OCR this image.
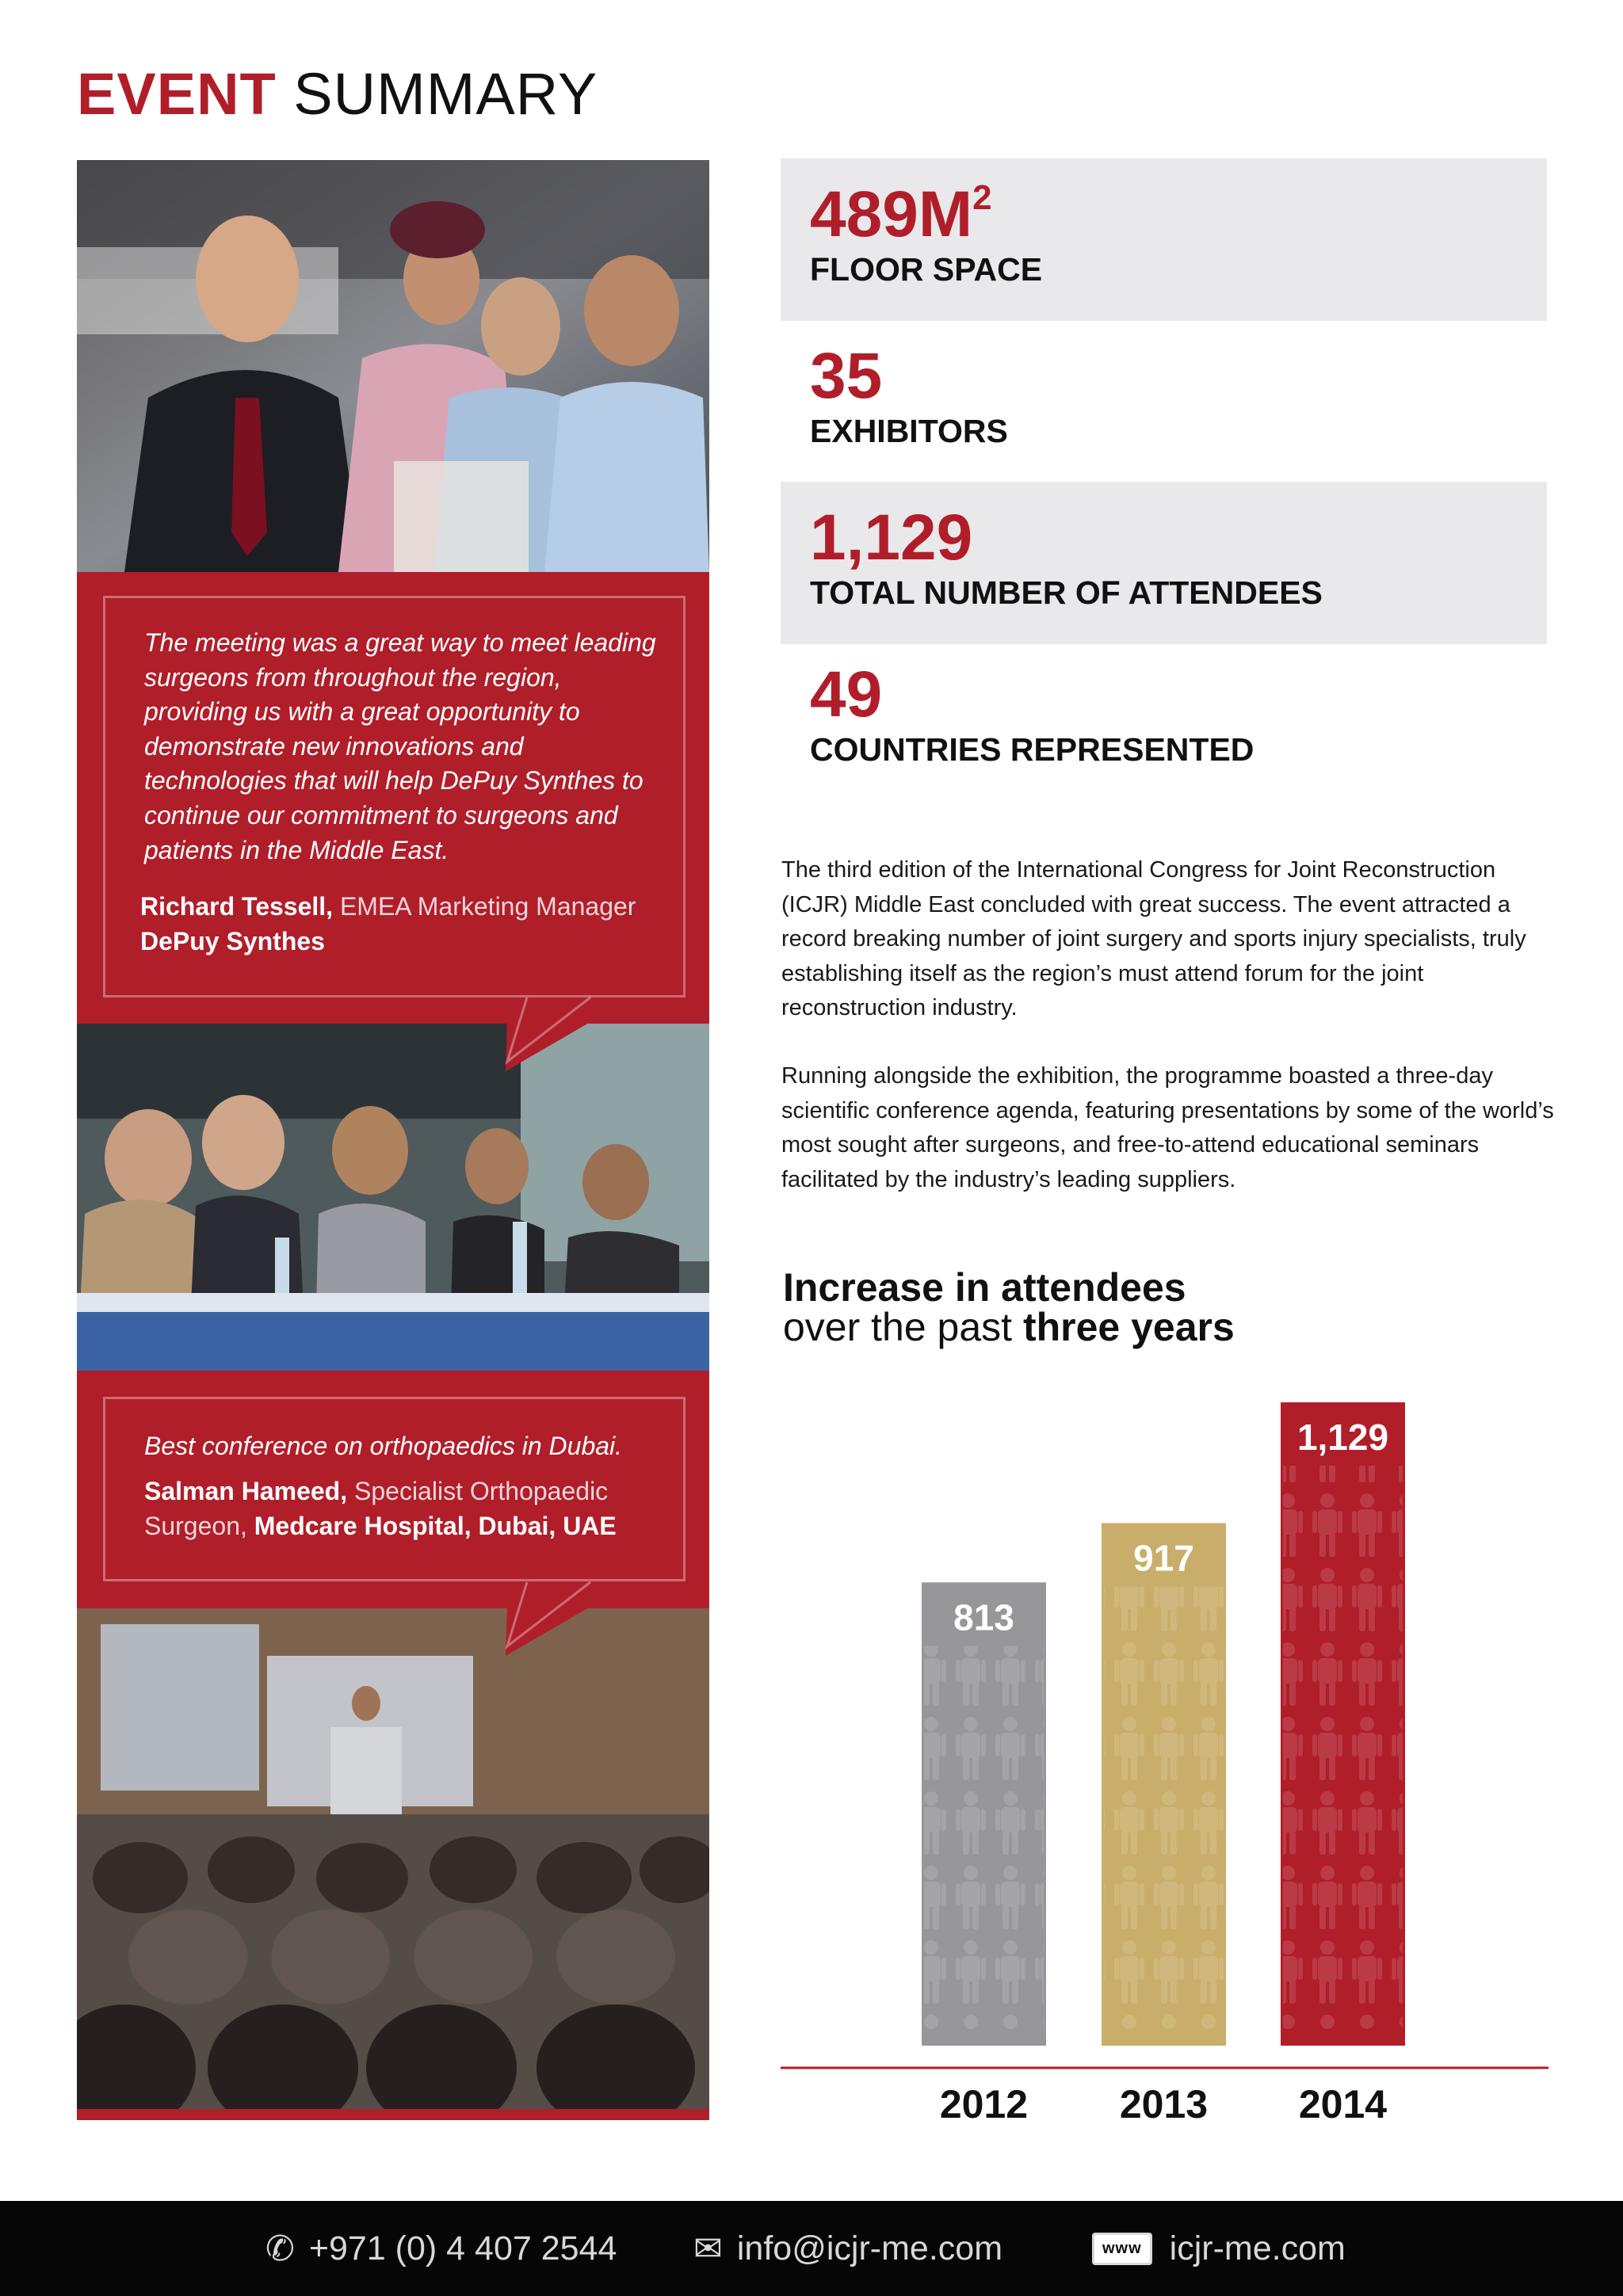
EVENT SUMMARY
The meeting was a great way to meet leading surgeons from throughout the region, providing us with a great opportunity to demonstrate new innovations and technologies that will help DePuy Synthes to continue our commitment to surgeons and patients in the Middle East.
Richard Tessell, EMEA Marketing Manager
DePuy Synthes
Best conference on orthopaedics in Dubai.
Salman Hameed, Specialist Orthopaedic Surgeon, Medcare Hospital, Dubai, UAE
$489M^2$
FLOOR SPACE
35
EXHIBITORS
1,129
TOTAL NUMBER OF ATTENDEES
49
COUNTRIES REPRESENTED
The third edition of the International Congress for Joint Reconstruction (ICJR) Middle East concluded with great success. The event attracted a record breaking number of joint surgery and sports injury specialists, truly establishing itself as the region’s must attend forum for the joint reconstruction industry.
Running alongside the exhibition, the programme boasted a three-day scientific conference agenda, featuring presentations by some of the world’s most sought after surgeons, and free-to-attend educational seminars facilitated by the industry’s leading suppliers.
Increase in attendees
over the past three years
813
917
1,129
2012 2013 2014
✆ +971 (0) 4 407 2544 ✉ info@icjr-me.com	www icjr-me.com
